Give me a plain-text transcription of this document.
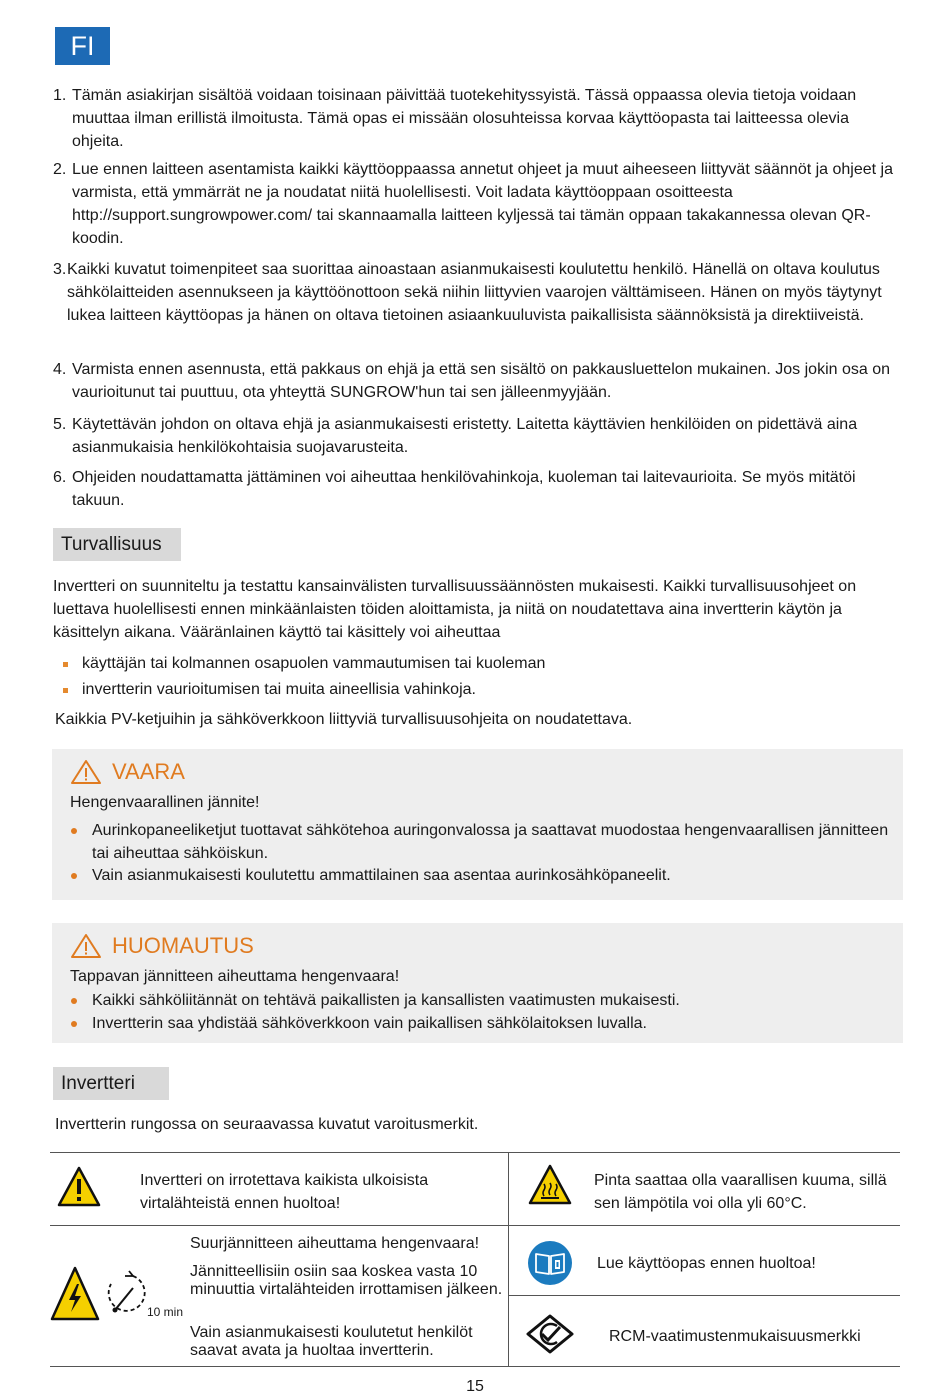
FI
1. Tämän asiakirjan sisältöä voidaan toisinaan päivittää tuotekehityssyistä. Tässä oppaassa olevia tietoja voidaan muuttaa ilman erillistä ilmoitusta. Tämä opas ei missään olosuhteissa korvaa käyttöopasta tai laitteessa olevia ohjeita.
2. Lue ennen laitteen asentamista kaikki käyttöoppaassa annetut ohjeet ja muut aiheeseen liittyvät säännöt ja ohjeet ja varmista, että ymmärrät ne ja noudatat niitä huolellisesti. Voit ladata käyttöoppaan osoitteesta http://support.sungrowpower.com/ tai skannaamalla laitteen kyljessä tai tämän oppaan takakannessa olevan QR-koodin.
3. Kaikki kuvatut toimenpiteet saa suorittaa ainoastaan asianmukaisesti koulutettu henkilö. Hänellä on oltava koulutus sähkölaitteiden asennukseen ja käyttöönottoon sekä niihin liittyvien vaarojen välttämiseen. Hänen on myös täytynyt lukea laitteen käyttöopas ja hänen on oltava tietoinen asiaankuuluvista paikallisista säännöksistä ja direktiiveistä.
4. Varmista ennen asennusta, että pakkaus on ehjä ja että sen sisältö on pakkausluettelon mukainen. Jos jokin osa on vaurioitunut tai puuttuu, ota yhteyttä SUNGROW'hun tai sen jälleenmyyjään.
5. Käytettävän johdon on oltava ehjä ja asianmukaisesti eristetty. Laitetta käyttävien henkilöiden on pidettävä aina asianmukaisia henkilökohtaisia suojavarusteita.
6. Ohjeiden noudattamatta jättäminen voi aiheuttaa henkilövahinkoja, kuoleman tai laitevaurioita. Se myös mitätöi takuun.
Turvallisuus
Invertteri on suunniteltu ja testattu kansainvälisten turvallisuussäännösten mukaisesti. Kaikki turvallisuusohjeet on luettava huolellisesti ennen minkäänlaisten töiden aloittamista, ja niitä on noudatettava aina invertterin käytön ja käsittelyn aikana. Vääränlainen käyttö tai käsittely voi aiheuttaa
käyttäjän tai kolmannen osapuolen vammautumisen tai kuoleman
invertterin vaurioitumisen tai muita aineellisia vahinkoja.
Kaikkia PV-ketjuihin ja sähköverkkoon liittyviä turvallisuusohjeita on noudatettava.
VAARA
Hengenvaarallinen jännite!
Aurinkopaneeliketjut tuottavat sähkötehoa auringonvalossa ja saattavat muodostaa hengenvaarallisen jännitteen tai aiheuttaa sähköiskun.
Vain asianmukaisesti koulutettu ammattilainen saa asentaa aurinkosähköpaneelit.
HUOMAUTUS
Tappavan jännitteen aiheuttama hengenvaara!
Kaikki sähköliitännät on tehtävä paikallisten ja kansallisten vaatimusten mukaisesti.
Invertterin saa yhdistää sähköverkkoon vain paikallisen sähkölaitoksen luvalla.
Invertteri
Invertterin rungossa on seuraavassa kuvatut varoitusmerkit.
Invertteri on irrotettava kaikista ulkoisista virtalähteistä ennen huoltoa!
Pinta saattaa olla vaarallisen kuuma, sillä sen lämpötila voi olla yli 60°C.
10 min
Suurjännitteen aiheuttama hengenvaara!
Jännitteellisiin osiin saa koskea vasta 10 minuuttia virtalähteiden irrottamisen jälkeen.
Vain asianmukaisesti koulutetut henkilöt saavat avata ja huoltaa invertterin.
Lue käyttöopas ennen huoltoa!
RCM-vaatimustenmukaisuusmerkki
15
